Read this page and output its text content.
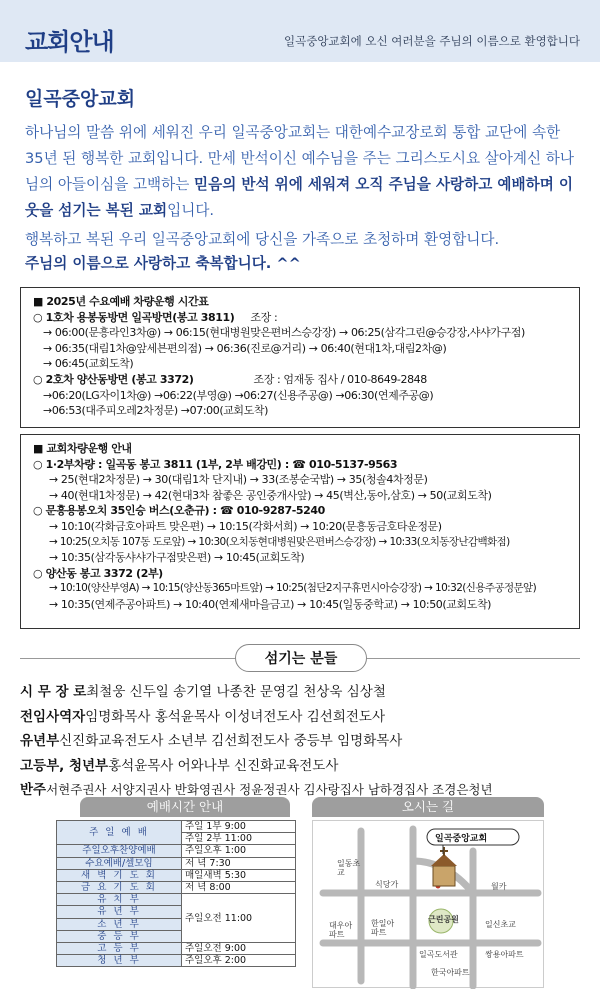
교회안내	일곡중앙교회에 오신 여러분을 주님의 이름으로 환영합니다
일곡중앙교회
하나님의 말씀 위에 세워진 우리 일곡중앙교회는 대한예수교장로회 통합 교단에 속한 35년 된 행복한 교회입니다. 만세 반석이신 예수님을 주는 그리스도시요 살아계신 하나님의 아들이심을 고백하는 믿음의 반석 위에 세워져 오직 주님을 사랑하고 예배하며 이웃을 섬기는 복된 교회입니다.
행복하고 복된 우리 일곡중앙교회에 당신을 가족으로 초청하며 환영합니다.
주님의 이름으로 사랑하고 축복합니다. ^^
■ 2025년 수요예배 차량운행 시간표
○ 1호차 용봉동방면 일곡방면(봉고 3811) 조장 :
→ 06:00(문흥라인3차@) → 06:15(현대병원맞은편버스승강장) → 06:25(삼각그린@승강장,샤샤가구점)
→ 06:35(대림1차@앞세븐편의점) → 06:36(진로@거리) → 06:40(현대1차,대림2차@)
→ 06:45(교회도착)
○ 2호차 양산동방면 (봉고 3372)	조장 : 엄재동 집사 / 010-8649-2848
→06:20(LG자이1차@) →06:22(부영@) →06:27(신용주공@) →06:30(연제주공@)
→06:53(대주피오레2차정문) →07:00(교회도착)
■ 교회차량운행 안내
○ 1·2부차량 : 일곡동 봉고 3811 (1부, 2부 배강민) : ☎ 010-5137-9563
→ 25(현대2차정문) → 30(대림1차 단지내) → 33(조봉순국밥) → 35(청솔4차정문)
→ 40(현대1차정문) → 42(현대3차 참좋은 공인중개사앞) → 45(벽산,동아,삼호) → 50(교회도착)
○ 문흥용봉오치 35인승 버스(오춘규) : ☎ 010-9287-5240
→ 10:10(각화금호아파트 맞은편) → 10:15(각화서희) → 10:20(문흥동금호타운정문)
→ 10:25(오치동 107동 도로앞) → 10:30(오치동현대병원맞은편버스승강장) → 10:33(오치동장난감백화점)
→ 10:35(삼각동샤샤가구점맞은편) → 10:45(교회도착)
○ 양산동 봉고 3372 (2부)
→ 10:10(양산부영A) → 10:15(양산동365마트앞) → 10:25(첨단2지구휴먼시아승강장) → 10:32(신용주공정문앞)
→ 10:35(연제주공아파트) → 10:40(연제새마을금고) → 10:45(일동중학교) → 10:50(교회도착)
섬기는 분들
시 무 장 로최철웅 신두일 송기열 나종찬 문영길 천상욱 심상철
전임사역자임명화목사 홍석윤목사 이성녀전도사 김선희전도사
유년부신진화교육전도사 소년부 김선희전도사 중등부 임명화목사
고등부, 청년부홍석윤목사 어와나부 신진화교육전도사
반주서현주권사 서양지권사 반화영권사 정윤정권사 김사랑집사 남하경집사 조경은청년
예배시간 안내	오시는 길
주 일 예 배	주일 1부 9:00
	주일 2부 11:00
주일오후찬양예배	주일오후 1:00
수요예배/셀모임	저 녁 7:30
새 벽 기 도 회	매일새벽 5:30
금 요 기 도 회	저 녁 8:00
유 치 부	주일오전 11:00
유 년 부	
소 년 부	
중 등 부	
고 등 부	주일오전 9:00
청 년 부	주일오후 2:00
일곡중앙교회
일동초교
식당가
한일아파트
대우아파트
근린공원
일곡도서관
한국아파트
쌍용아파트
일신초교
월카
